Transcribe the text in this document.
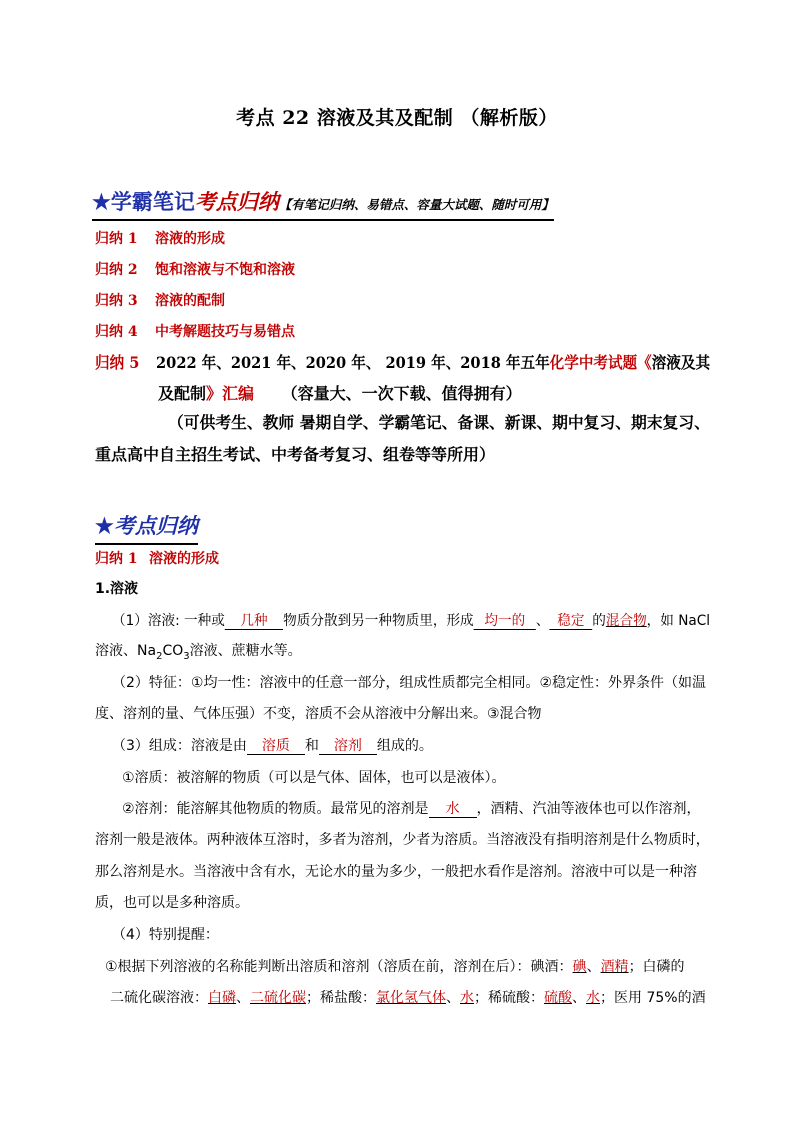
考点 22 溶液及其及配制 （解析版）
★ 学霸笔记 考点归纳 【有笔记归纳、易错点、容量大试题、随时可用】
归纳 1 溶液的形成
归纳 2 饱和溶液与不饱和溶液
归纳 3 溶液的配制
归纳 4 中考解题技巧与易错点
归纳 5 2022 年、2021 年、2020 年、 2019 年、2018 年五年化学中考试题《溶液及其
及配制》汇编 （容量大、一次下载、值得拥有）
（可供考生、教师 暑期自学、学霸笔记、备课、新课、期中复习、期末复习、
重点高中自主招生考试、中考备考复习、组卷等等所用）
★考点归纳
归纳 1 溶液的形成
1.溶液
（1）溶液: 一种或 几种 物质分散到另一种物质里，形成 均一的 、 稳定 的混合物，如 NaCl
溶液、$Na_2CO_3$溶液、蔗糖水等。
（2）特征：①均一性：溶液中的任意一部分，组成性质都完全相同。②稳定性：外界条件（如温
度、溶剂的量、气体压强）不变，溶质不会从溶液中分解出来。③混合物
（3）组成：溶液是由 溶质 和 溶剂 组成的。
①溶质：被溶解的物质（可以是气体、固体，也可以是液体）。
②溶剂：能溶解其他物质的物质。最常见的溶剂是 水 ，酒精、汽油等液体也可以作溶剂，
溶剂一般是液体。两种液体互溶时，多者为溶剂，少者为溶质。当溶液没有指明溶剂是什么物质时，
那么溶剂是水。当溶液中含有水，无论水的量为多少，一般把水看作是溶剂。溶液中可以是一种溶
质，也可以是多种溶质。
（4）特别提醒：
①根据下列溶液的名称能判断出溶质和溶剂（溶质在前，溶剂在后）：碘酒：碘、酒精；白磷的
二硫化碳溶液：白磷、二硫化碳；稀盐酸：氯化氢气体、水；稀硫酸：硫酸、水；医用 75%的酒
